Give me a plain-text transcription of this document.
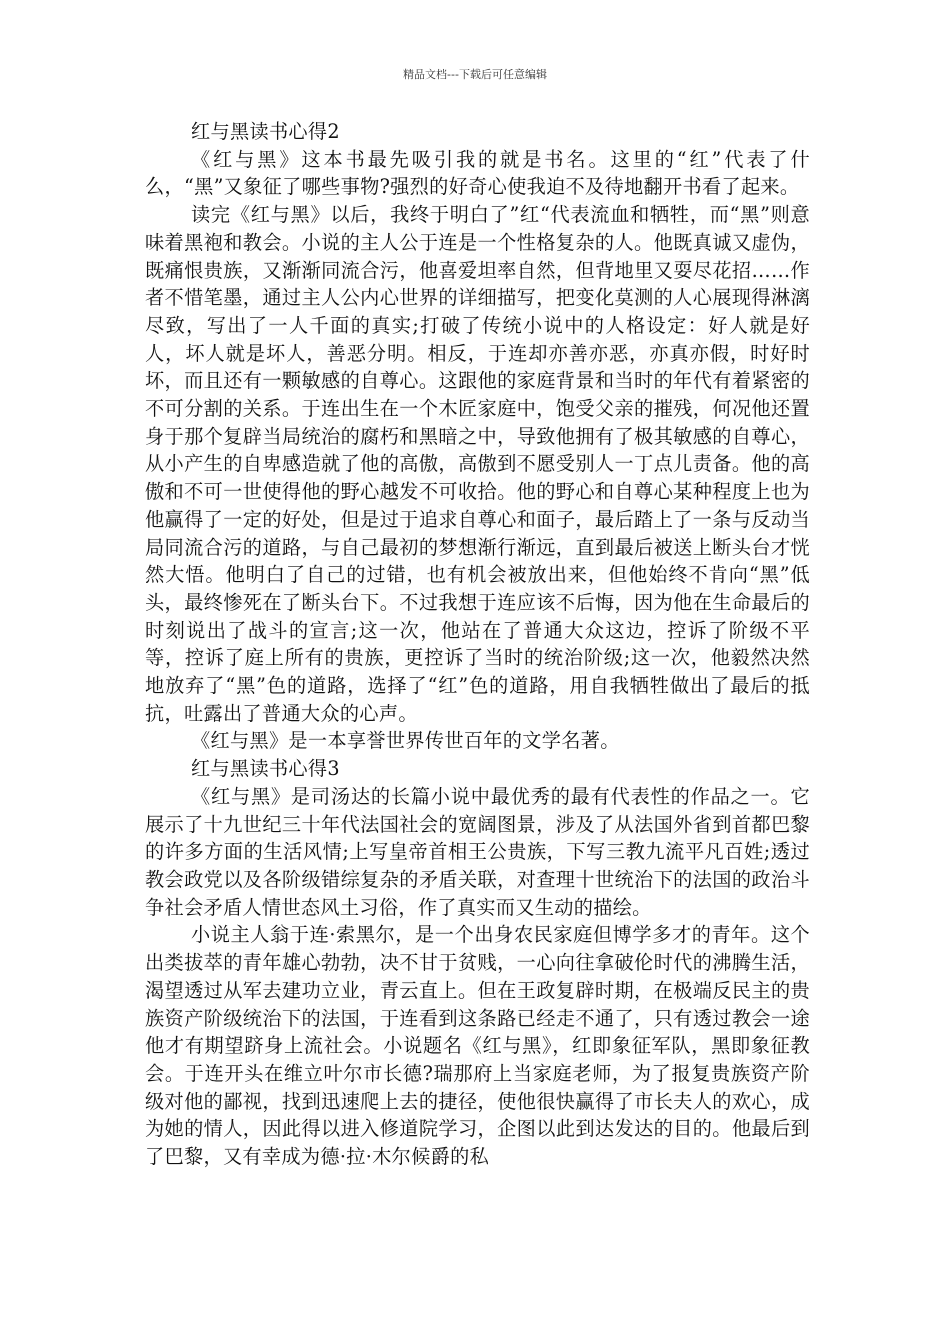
精品文档---下载后可任意编辑

红与黑读书心得2

《红与黑》这本书最先吸引我的就是书名。这里的“红”代表了什么，“黑”又象征了哪些事物?强烈的好奇心使我迫不及待地翻开书看了起来。

读完《红与黑》以后，我终于明白了”红“代表流血和牺牲，而“黑”则意味着黑袍和教会。小说的主人公于连是一个性格复杂的人。他既真诚又虚伪，既痛恨贵族，又渐渐同流合污，他喜爱坦率自然，但背地里又耍尽花招……作者不惜笔墨，通过主人公内心世界的详细描写，把变化莫测的人心展现得淋漓尽致，写出了一人千面的真实;打破了传统小说中的人格设定：好人就是好人，坏人就是坏人，善恶分明。相反，于连却亦善亦恶，亦真亦假，时好时坏，而且还有一颗敏感的自尊心。这跟他的家庭背景和当时的年代有着紧密的不可分割的关系。于连出生在一个木匠家庭中，饱受父亲的摧残，何况他还置身于那个复辟当局统治的腐朽和黑暗之中，导致他拥有了极其敏感的自尊心，从小产生的自卑感造就了他的高傲，高傲到不愿受别人一丁点儿责备。他的高傲和不可一世使得他的野心越发不可收拾。他的野心和自尊心某种程度上也为他赢得了一定的好处，但是过于追求自尊心和面子，最后踏上了一条与反动当局同流合污的道路，与自己最初的梦想渐行渐远，直到最后被送上断头台才恍然大悟。他明白了自己的过错，也有机会被放出来，但他始终不肯向“黑”低头，最终惨死在了断头台下。不过我想于连应该不后悔，因为他在生命最后的时刻说出了战斗的宣言;这一次，他站在了普通大众这边，控诉了阶级不平等，控诉了庭上所有的贵族，更控诉了当时的统治阶级;这一次，他毅然决然地放弃了“黑”色的道路，选择了“红”色的道路，用自我牺牲做出了最后的抵抗，吐露出了普通大众的心声。

《红与黑》是一本享誉世界传世百年的文学名著。

红与黑读书心得3

《红与黑》是司汤达的长篇小说中最优秀的最有代表性的作品之一。它展示了十九世纪三十年代法国社会的宽阔图景，涉及了从法国外省到首都巴黎的许多方面的生活风情;上写皇帝首相王公贵族，下写三教九流平凡百姓;透过教会政党以及各阶级错综复杂的矛盾关联，对查理十世统治下的法国的政治斗争社会矛盾人情世态风土习俗，作了真实而又生动的描绘。

小说主人翁于连·索黑尔，是一个出身农民家庭但博学多才的青年。这个出类拔萃的青年雄心勃勃，决不甘于贫贱，一心向往拿破伦时代的沸腾生活，渴望透过从军去建功立业，青云直上。但在王政复辟时期，在极端反民主的贵族资产阶级统治下的法国，于连看到这条路已经走不通了，只有透过教会一途他才有期望跻身上流社会。小说题名《红与黑》，红即象征军队，黑即象征教会。于连开头在维立叶尔市长德?瑞那府上当家庭老师，为了报复贵族资产阶级对他的鄙视，找到迅速爬上去的捷径，使他很快赢得了市长夫人的欢心，成为她的情人，因此得以进入修道院学习，企图以此到达发达的目的。他最后到了巴黎，又有幸成为德·拉·木尔候爵的私
